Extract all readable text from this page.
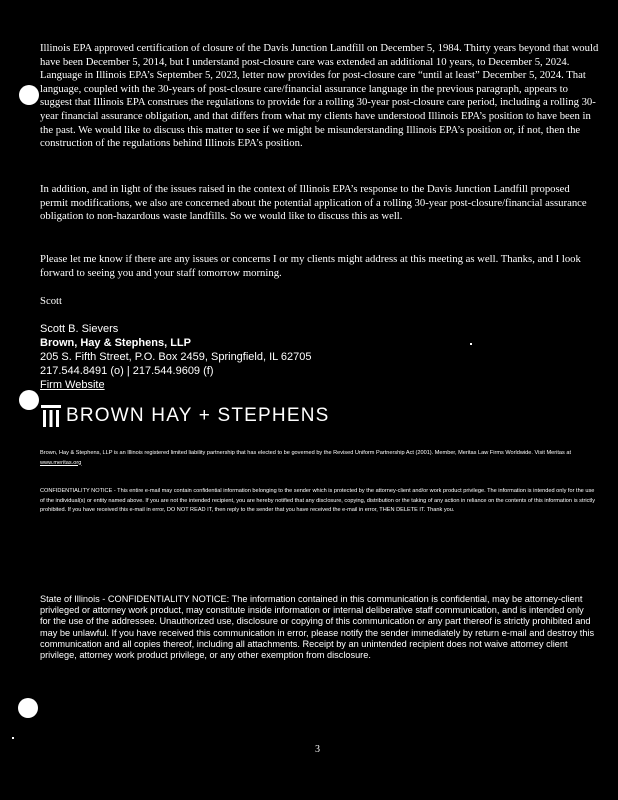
Illinois EPA approved certification of closure of the Davis Junction Landfill on December 5, 1984. Thirty years beyond that would have been December 5, 2014, but I understand post-closure care was extended an additional 10 years, to December 5, 2024. Language in Illinois EPA’s September 5, 2023, letter now provides for post-closure care “until at least” December 5, 2024. That language, coupled with the 30-years of post-closure care/financial assurance language in the previous paragraph, appears to suggest that Illinois EPA construes the regulations to provide for a rolling 30-year post-closure care period, including a rolling 30-year financial assurance obligation, and that differs from what my clients have understood Illinois EPA’s position to have been in the past. We would like to discuss this matter to see if we might be misunderstanding Illinois EPA’s position or, if not, then the construction of the regulations behind Illinois EPA’s position.

In addition, and in light of the issues raised in the context of Illinois EPA’s response to the Davis Junction Landfill proposed permit modifications, we also are concerned about the potential application of a rolling 30-year post-closure/financial assurance obligation to non-hazardous waste landfills. So we would like to discuss this as well.

Please let me know if there are any issues or concerns I or my clients might address at this meeting as well. Thanks, and I look forward to seeing you and your staff tomorrow morning.

Scott

Scott B. Sievers
Brown, Hay & Stephens, LLP
205 S. Fifth Street, P.O. Box 2459, Springfield, IL 62705
217.544.8491 (o) | 217.544.9609 (f)
Firm Website
BROWN HAY + STEPHENS

Brown, Hay & Stephens, LLP is an Illinois registered limited liability partnership that has elected to be governed by the Revised Uniform Partnership Act (2001). Member, Meritas Law Firms Worldwide. Visit Meritas at www.meritas.org

CONFIDENTIALITY NOTICE - This entire e-mail may contain confidential information belonging to the sender which is protected by the attorney-client and/or work product privilege. The information is intended only for the use of the individual(s) or entity named above. If you are not the intended recipient, you are hereby notified that any disclosure, copying, distribution or the taking of any action in reliance on the contents of this information is strictly prohibited. If you have received this e-mail in error, DO NOT READ IT, then reply to the sender that you have received the e-mail in error, THEN DELETE IT. Thank you.

State of Illinois - CONFIDENTIALITY NOTICE: The information contained in this communication is confidential, may be attorney-client privileged or attorney work product, may constitute inside information or internal deliberative staff communication, and is intended only for the use of the addressee. Unauthorized use, disclosure or copying of this communication or any part thereof is strictly prohibited and may be unlawful. If you have received this communication in error, please notify the sender immediately by return e-mail and destroy this communication and all copies thereof, including all attachments. Receipt by an unintended recipient does not waive attorney client privilege, attorney work product privilege, or any other exemption from disclosure.

3
